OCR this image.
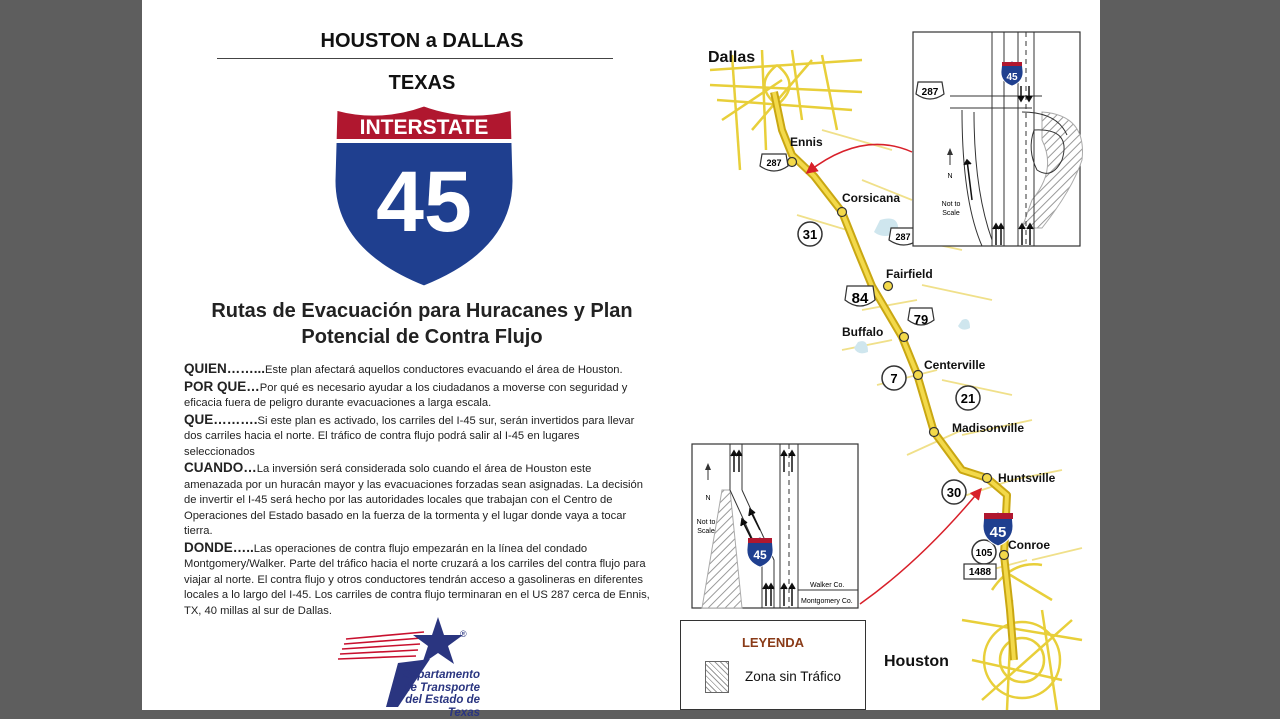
HOUSTON a DALLAS
TEXAS
INTERSTATE
45
Rutas de Evacuación para Huracanes y Plan
Potencial de Contra Flujo

QUIEN……...Este plan afectará aquellos conductores evacuando el área de Houston.

POR QUE…Por qué es necesario ayudar a los ciudadanos a moverse con seguridad y eficacia fuera de peligro durante evacuaciones a larga escala.

QUE……….Si este plan es activado, los carriles del I-45 sur, serán invertidos para llevar dos carriles hacia el norte. El tráfico de contra flujo podrá salir al I-45 en lugares seleccionados

CUANDO…La inversión será considerada solo cuando el área de Houston este amenazada por un huracán mayor y las evacuaciones forzadas sean asignadas. La decisión de invertir el I-45 será hecho por las autoridades locales que trabajan con el Centro de Operaciones del Estado basado en la fuerza de la tormenta y el lugar donde vaya a tocar tierra.

DONDE…..Las operaciones de contra flujo empezarán en la línea del condado Montgomery/Walker. Parte del tráfico hacia el norte cruzará a los carriles del contra flujo para viajar al norte. El contra flujo y otros conductores tendrán acceso a gasolineras en diferentes locales a lo largo del I-45. Los carriles de contra flujo terminaran en el US 287 cerca de Ennis, TX, 40 millas al sur de Dallas.

®
Departamento
de Transporte
del Estado de Texas
Dallas
Ennis
Corsicana
Fairfield
Buffalo
Centerville
Madisonville
Huntsville
Conroe
Houston
287
31	287
84
79
7
21
30
105
1488
45
287
45
N
Not to
Scale
45
N
Not to
Scale
Walker Co.
Montgomery Co.
LEYENDA
Zona sin Tráfico
